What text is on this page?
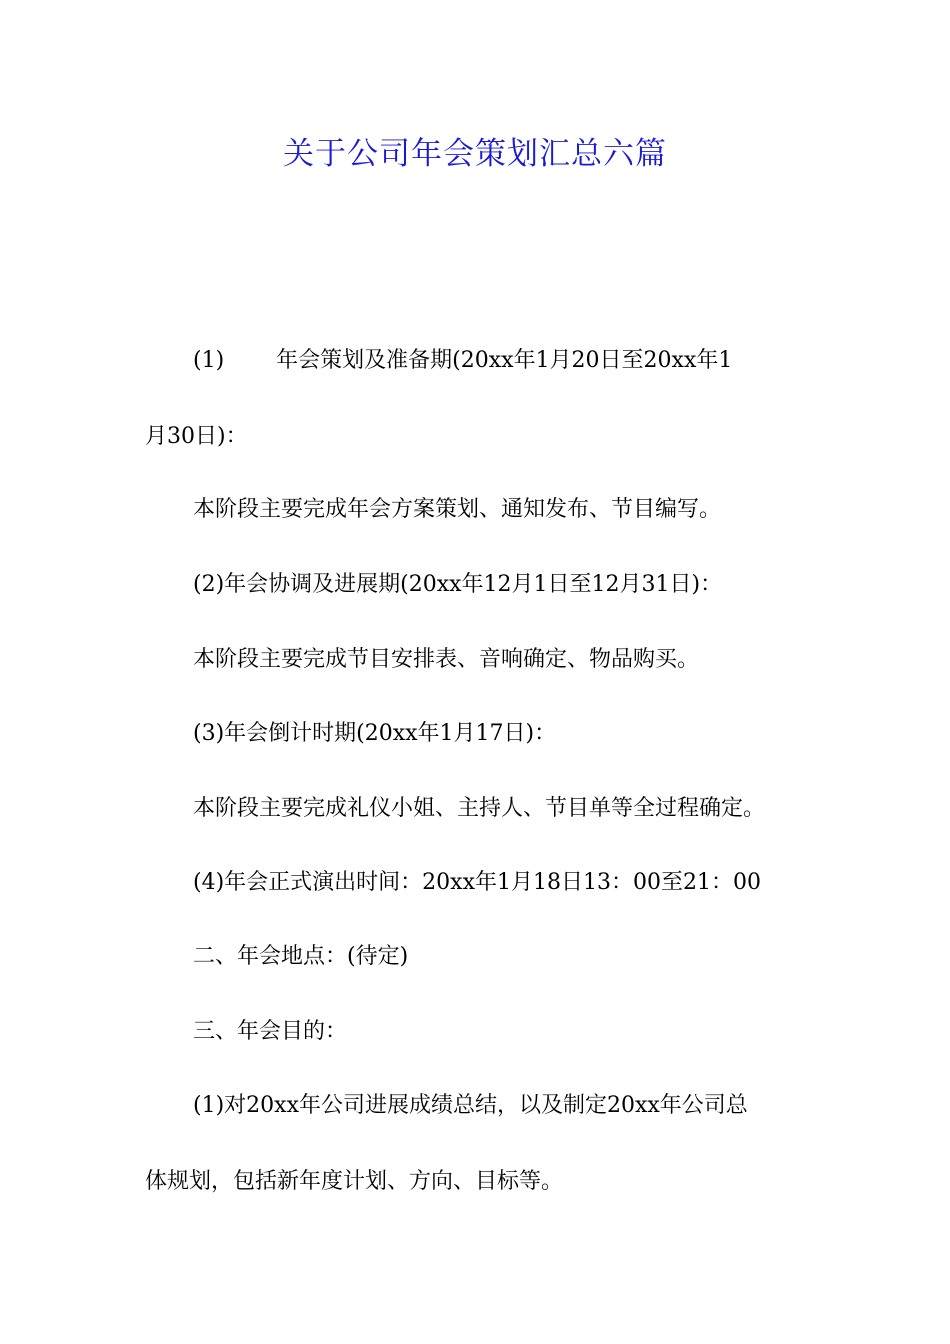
关于公司年会策划汇总六篇
(1) 年会策划及准备期(20xx年1月20日至20xx年1
月30日)：
本阶段主要完成年会方案策划、通知发布、节目编写。
(2)年会协调及进展期(20xx年12月1日至12月31日)：
本阶段主要完成节目安排表、音响确定、物品购买。
(3)年会倒计时期(20xx年1月17日)：
本阶段主要完成礼仪小姐、主持人、节目单等全过程确定。
(4)年会正式演出时间：20xx年1月18日13：00至21：00
二、年会地点：(待定)
三、年会目的：
(1)对20xx年公司进展成绩总结，以及制定20xx年公司总
体规划，包括新年度计划、方向、目标等。
